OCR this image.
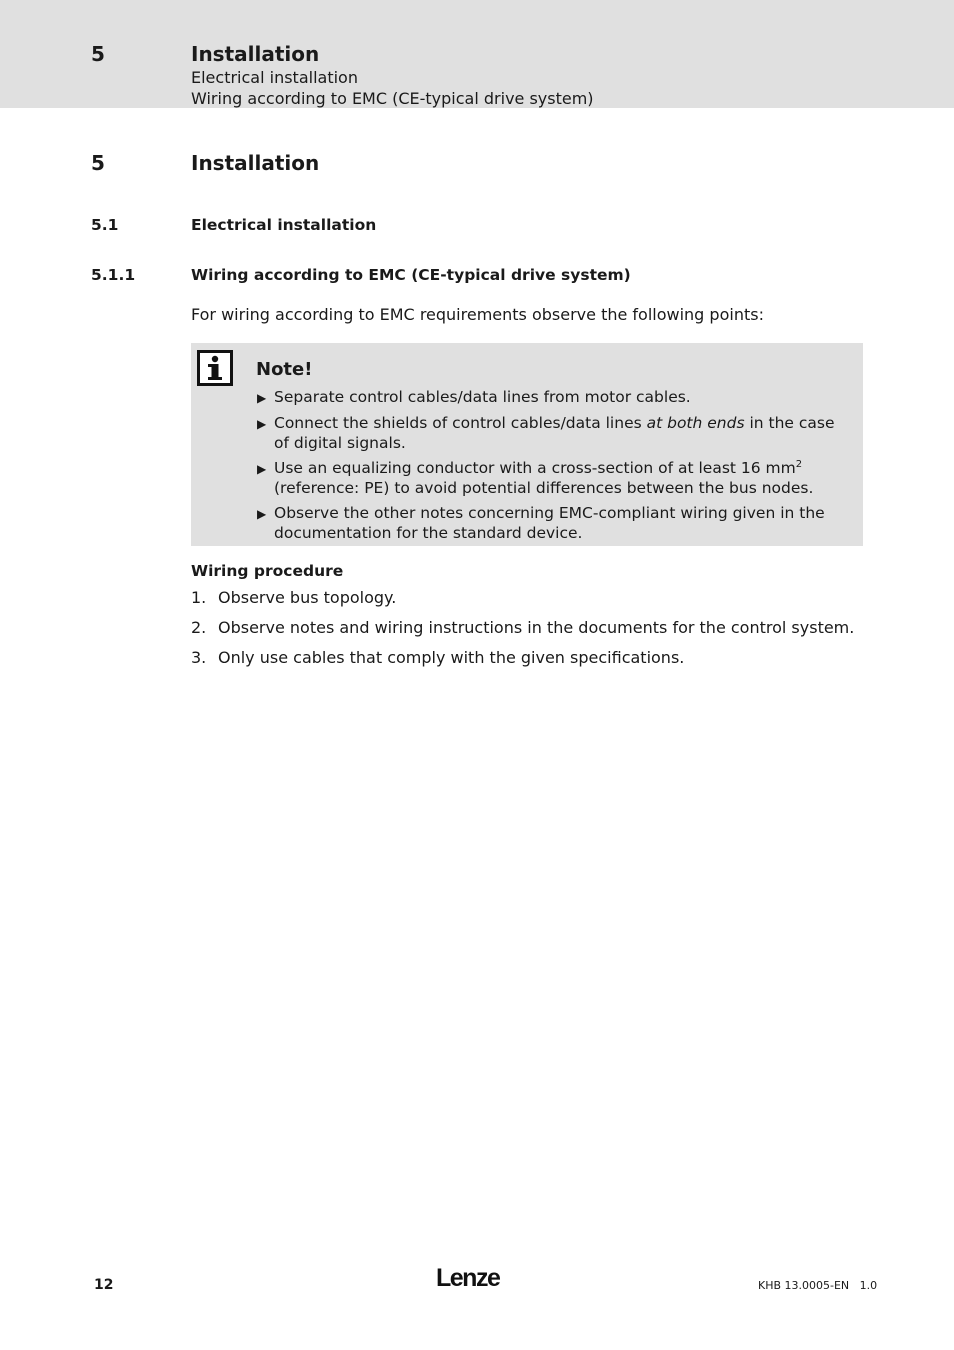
5	Installation
Electrical installation
Wiring according to EMC (CE-typical drive system)
5	Installation
5.1	Electrical installation
5.1.1	Wiring according to EMC (CE-typical drive system)
For wiring according to EMC requirements observe the following points:
Note!
▶ Separate control cables/data lines from motor cables.
▶ Connect the shields of control cables/data lines at both ends in the case of digital signals.
▶ Use an equalizing conductor with a cross-section of at least 16 $mm^2$ (reference: PE) to avoid potential differences between the bus nodes.
▶ Observe the other notes concerning EMC-compliant wiring given in the documentation for the standard device.
Wiring procedure
1. Observe bus topology.
2. Observe notes and wiring instructions in the documents for the control system.
3. Only use cables that comply with the given specifications.
12	Lenze	KHB 13.0005-EN   1.0
